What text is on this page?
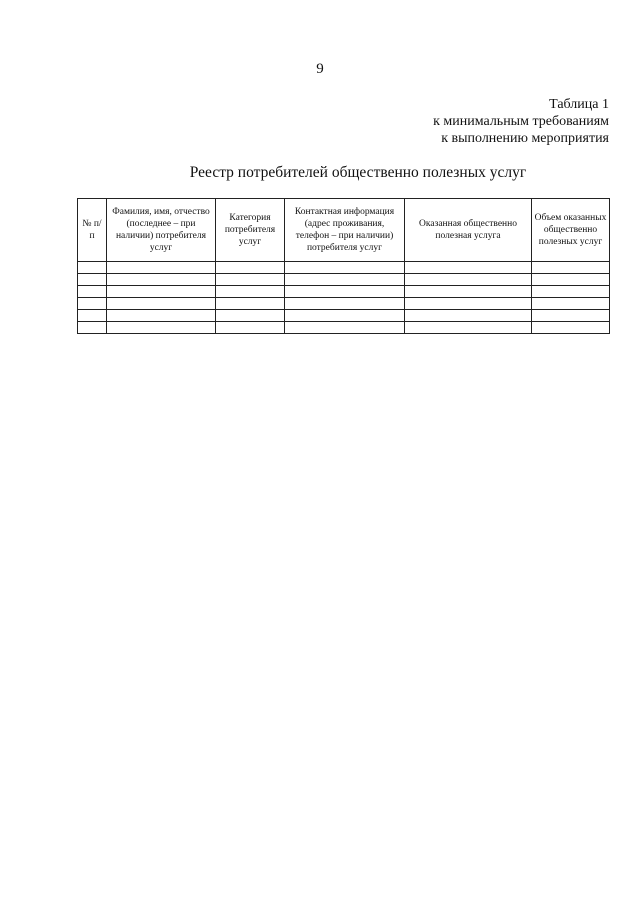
9
Таблица 1
к минимальным требованиям
к выполнению мероприятия
Реестр потребителей общественно полезных услуг
№ п/п	Фамилия, имя, отчество (последнее – при наличии) потребителя услуг	Категория потребителя услуг	Контактная информация (адрес проживания, телефон – при наличии) потребителя услуг	Оказанная общественно полезная услуга	Объем оказанных общественно полезных услуг
